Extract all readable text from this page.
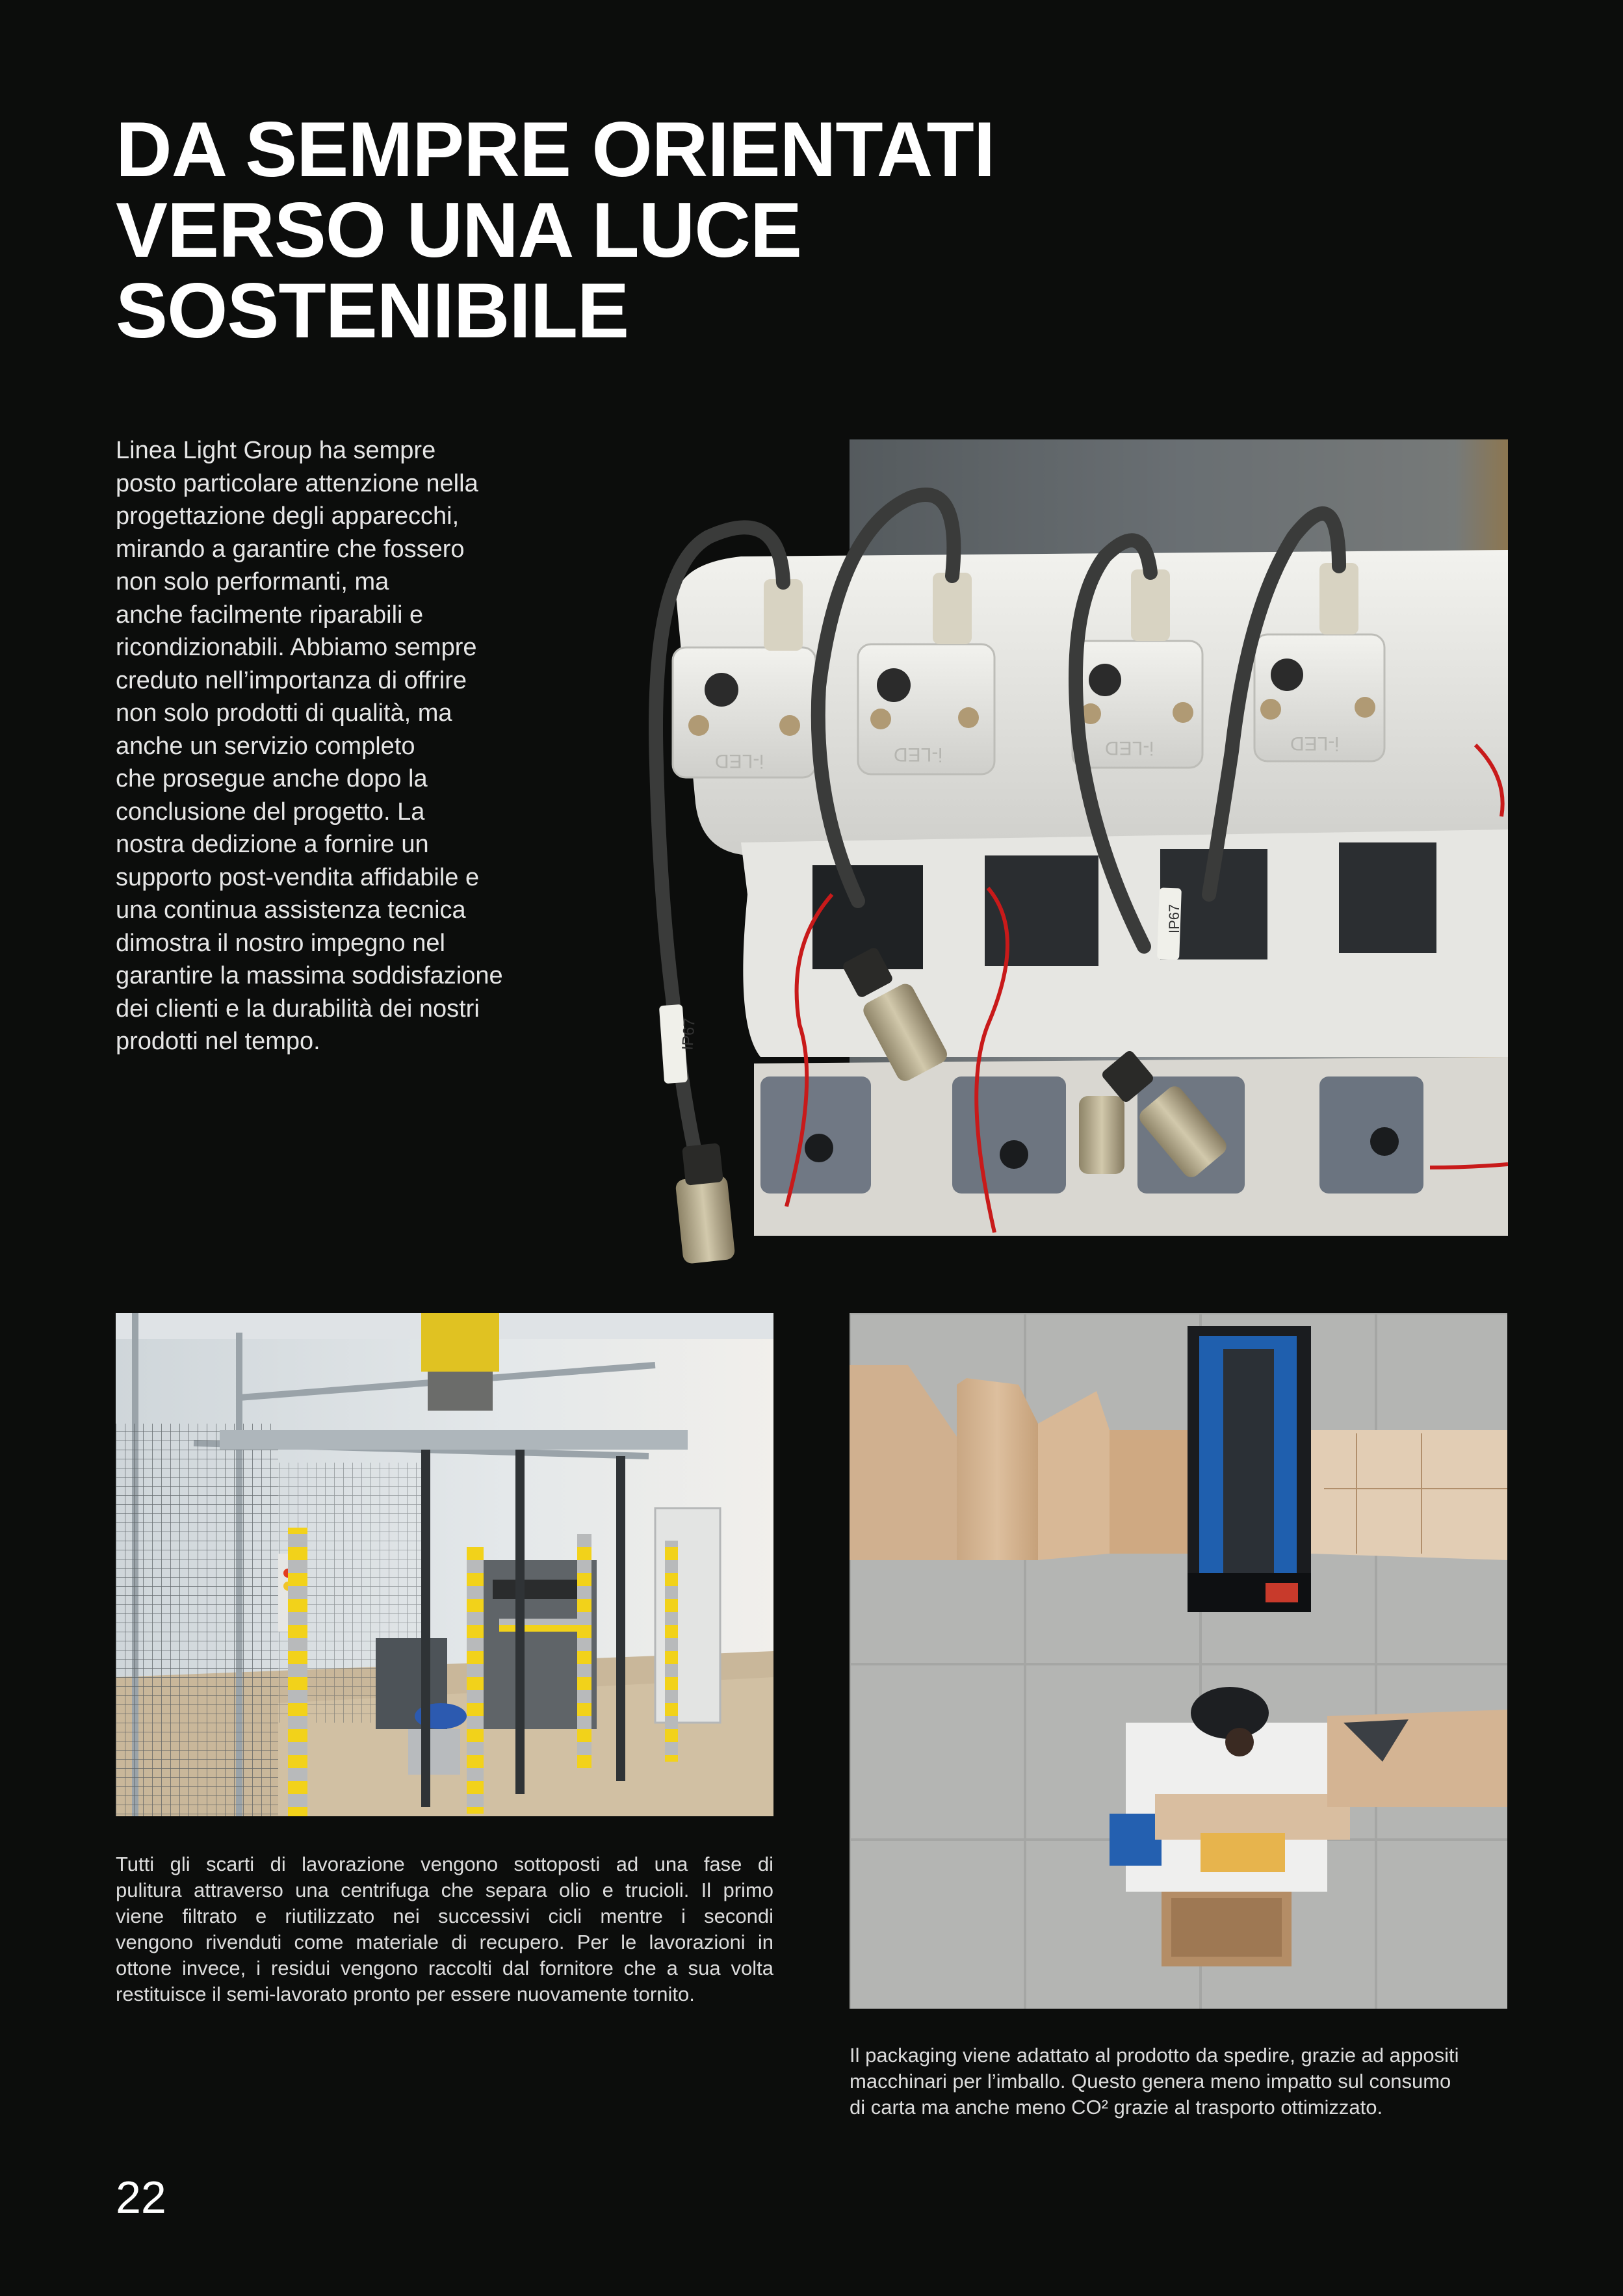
DA SEMPRE ORIENTATI
VERSO UNA LUCE
SOSTENIBILE

Linea Light Group ha sempre
posto particolare attenzione nella
progettazione degli apparecchi,
mirando a garantire che fossero
non solo performanti, ma
anche facilmente riparabili e
ricondizionabili. Abbiamo sempre
creduto nell’importanza di offrire
non solo prodotti di qualità, ma
anche un servizio completo
che prosegue anche dopo la
conclusione del progetto. La
nostra dedizione a fornire un
supporto post-vendita affidabile e
una continua assistenza tecnica
dimostra il nostro impegno nel
garantire la massima soddisfazione
dei clienti e la durabilità dei nostri
prodotti nel tempo.

i-LED	i-LED	i-LED	i-LED
IP67
IP67

Tutti gli scarti di lavorazione vengono sottoposti ad una fase di
pulitura attraverso una centrifuga che separa olio e trucioli. Il primo
viene filtrato e riutilizzato nei successivi cicli mentre i secondi
vengono rivenduti come materiale di recupero. Per le lavorazioni in
ottone invece, i residui vengono raccolti dal fornitore che a sua volta
restituisce il semi-lavorato pronto per essere nuovamente tornito.

Il packaging viene adattato al prodotto da spedire, grazie ad appositi
macchinari per l’imballo. Questo genera meno impatto sul consumo
di carta ma anche meno CO² grazie al trasporto ottimizzato.

22
